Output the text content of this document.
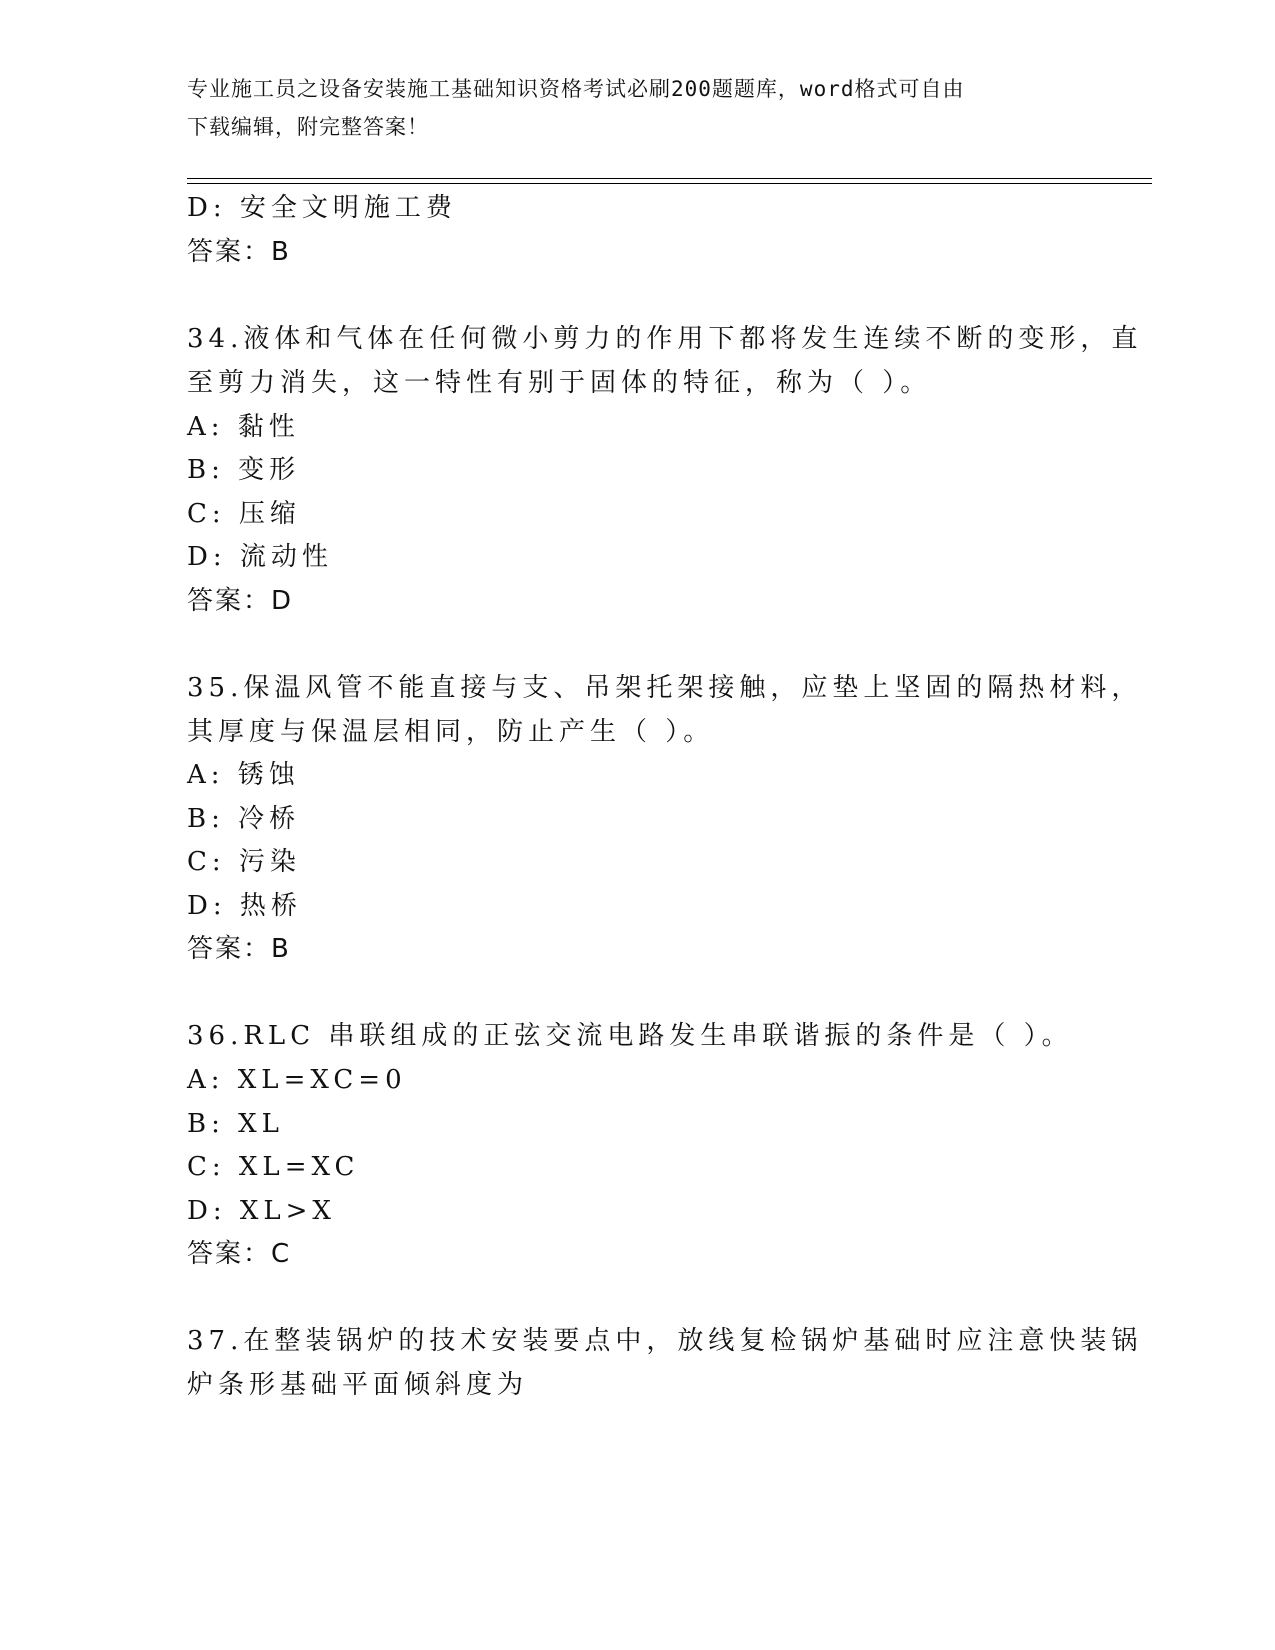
专业施工员之设备安装施工基础知识资格考试必刷200题题库，word格式可自由
下载编辑，附完整答案！
D: 安全文明施工费
答案：B
34.液体和气体在任何微小剪力的作用下都将发生连续不断的变形，直
至剪力消失，这一特性有别于固体的特征，称为（ ）。
A: 黏性
B: 变形
C: 压缩
D: 流动性
答案：D
35.保温风管不能直接与支、吊架托架接触，应垫上坚固的隔热材料，
其厚度与保温层相同，防止产生（ ）。
A: 锈蚀
B: 冷桥
C: 污染
D: 热桥
答案：B
36.RLC 串联组成的正弦交流电路发生串联谐振的条件是（ ）。
A: XL=XC=0
B: XL
C: XL=XC
D: XL>X
答案：C
37.在整装锅炉的技术安装要点中，放线复检锅炉基础时应注意快装锅
炉条形基础平面倾斜度为
